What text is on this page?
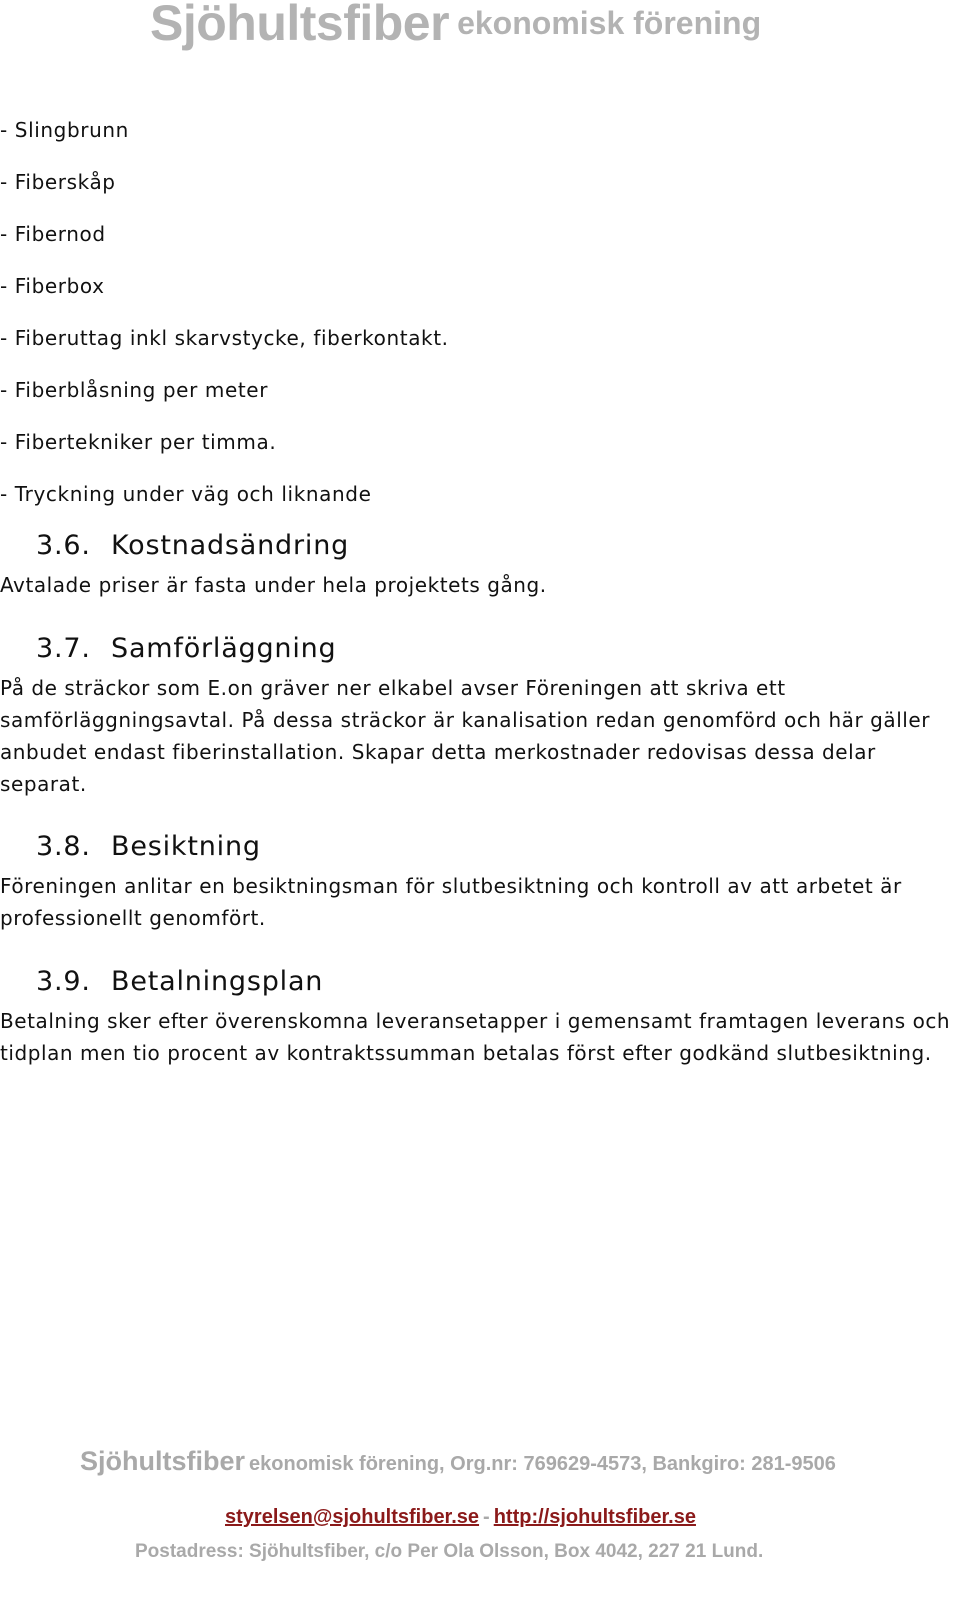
Sjöhultsfiber ekonomisk förening
- Slingbrunn
- Fiberskåp
- Fibernod
- Fiberbox
- Fiberuttag inkl skarvstycke, fiberkontakt.
- Fiberblåsning per meter
- Fibertekniker per timma.
- Tryckning under väg och liknande
3.6. Kostnadsändring

Avtalade priser är fasta under hela projektets gång.

3.7. Samförläggning

På de sträckor som E.on gräver ner elkabel avser Föreningen att skriva ett samförläggningsavtal. På dessa sträckor är kanalisation redan genomförd och här gäller anbudet endast fiberinstallation. Skapar detta merkostnader redovisas dessa delar separat.

3.8. Besiktning

Föreningen anlitar en besiktningsman för slutbesiktning och kontroll av att arbetet är professionellt genomfört.

3.9. Betalningsplan

Betalning sker efter överenskomna leveransetapper i gemensamt framtagen leverans och tidplan men tio procent av kontraktssumman betalas först efter godkänd slutbesiktning.

Sjöhultsfiber ekonomisk förening, Org.nr: 769629-4573, Bankgiro: 281-9506
styrelsen@sjohultsfiber.se - http://sjohultsfiber.se
Postadress: Sjöhultsfiber, c/o Per Ola Olsson, Box 4042, 227 21 Lund.
